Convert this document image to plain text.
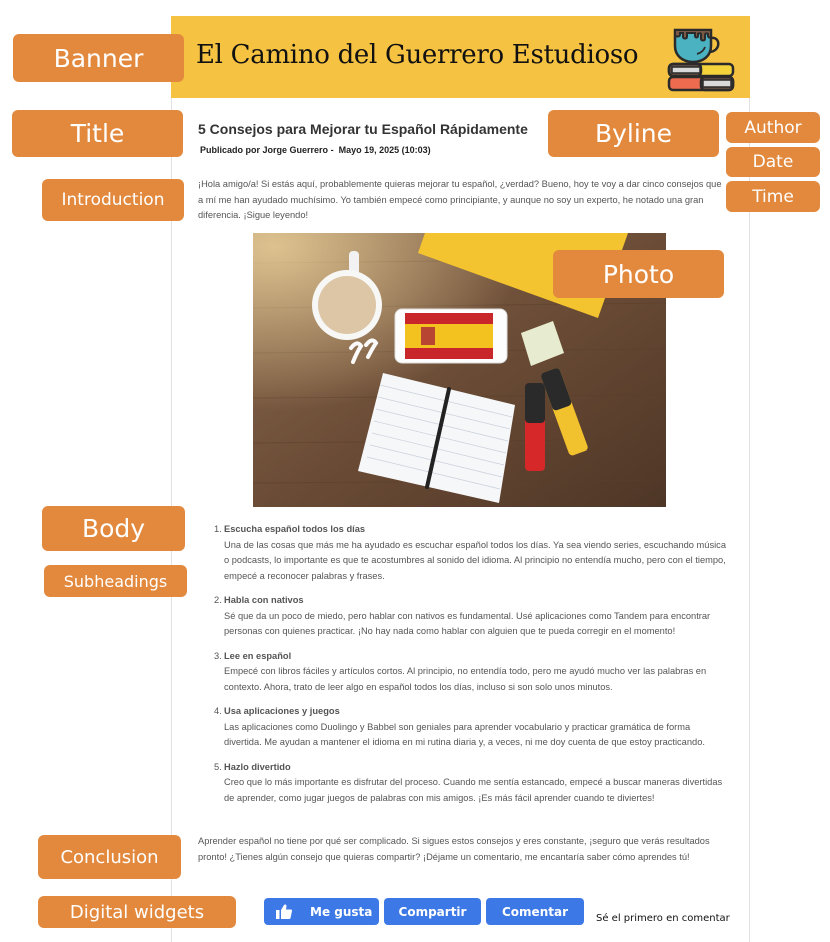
El Camino del Guerrero Estudioso
5 Consejos para Mejorar tu Español Rápidamente
Publicado por Jorge Guerrero - Mayo 19, 2025 (10:03)
¡Hola amigo/a! Si estás aquí, probablemente quieras mejorar tu español, ¿verdad? Bueno, hoy te voy a dar cinco consejos que a mí me han ayudado muchísimo. Yo también empecé como principiante, y aunque no soy un experto, he notado una gran diferencia. ¡Sigue leyendo!
1. Escucha español todos los días
Una de las cosas que más me ha ayudado es escuchar español todos los días. Ya sea viendo series, escuchando música o podcasts, lo importante es que te acostumbres al sonido del idioma. Al principio no entendía mucho, pero con el tiempo, empecé a reconocer palabras y frases.
2. Habla con nativos
Sé que da un poco de miedo, pero hablar con nativos es fundamental. Usé aplicaciones como Tandem para encontrar personas con quienes practicar. ¡No hay nada como hablar con alguien que te pueda corregir en el momento!
3. Lee en español
Empecé con libros fáciles y artículos cortos. Al principio, no entendía todo, pero me ayudó mucho ver las palabras en contexto. Ahora, trato de leer algo en español todos los días, incluso si son solo unos minutos.
4. Usa aplicaciones y juegos
Las aplicaciones como Duolingo y Babbel son geniales para aprender vocabulario y practicar gramática de forma divertida. Me ayudan a mantener el idioma en mi rutina diaria y, a veces, ni me doy cuenta de que estoy practicando.
5. Hazlo divertido
Creo que lo más importante es disfrutar del proceso. Cuando me sentía estancado, empecé a buscar maneras divertidas de aprender, como jugar juegos de palabras con mis amigos. ¡Es más fácil aprender cuando te diviertes!
Aprender español no tiene por qué ser complicado. Si sigues estos consejos y eres constante, ¡seguro que verás resultados pronto! ¿Tienes algún consejo que quieras compartir? ¡Déjame un comentario, me encantaría saber cómo aprendes tú!
Me gusta	Compartir	Comentar	Sé el primero en comentar
Banner
Title
Introduction
Byline	Author
Date
Time
Photo
Body
Subheadings
Conclusion
Digital widgets
